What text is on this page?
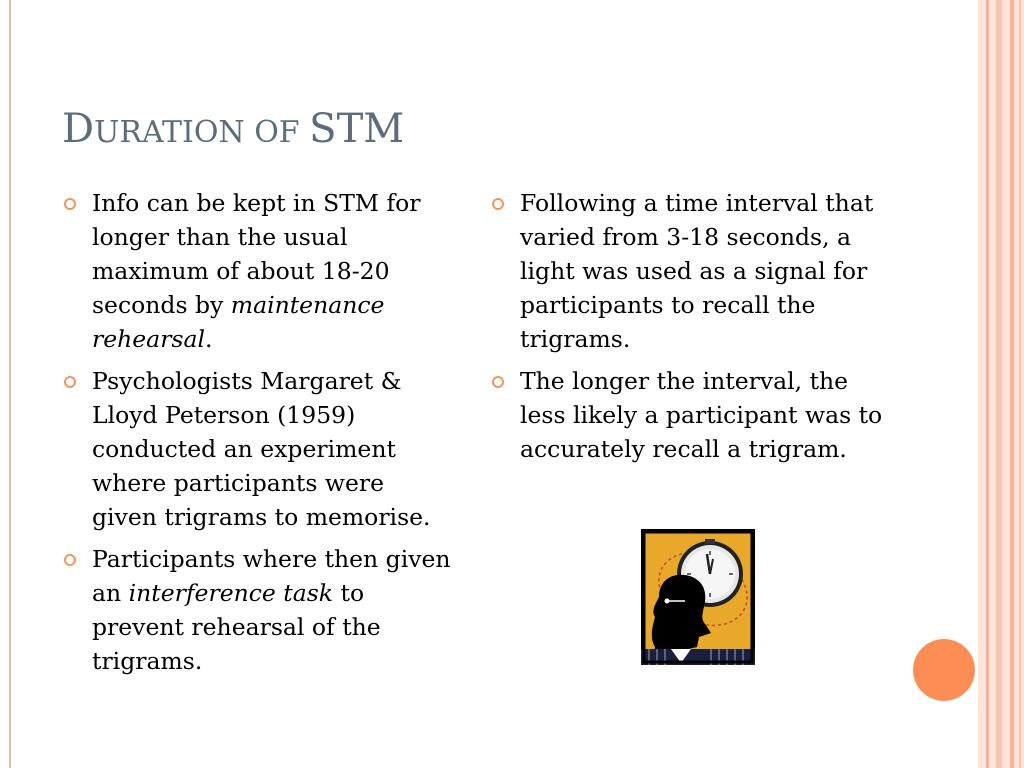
DURATION OF STM
Info can be kept in STM for longer than the usual maximum of about 18-20 seconds by maintenance rehearsal.
Psychologists Margaret & Lloyd Peterson (1959) conducted an experiment where participants were given trigrams to memorise.
Participants where then given an interference task to prevent rehearsal of the trigrams.
Following a time interval that varied from 3-18 seconds, a light was used as a signal for participants to recall the trigrams.
The longer the interval, the less likely a participant was to accurately recall a trigram.
